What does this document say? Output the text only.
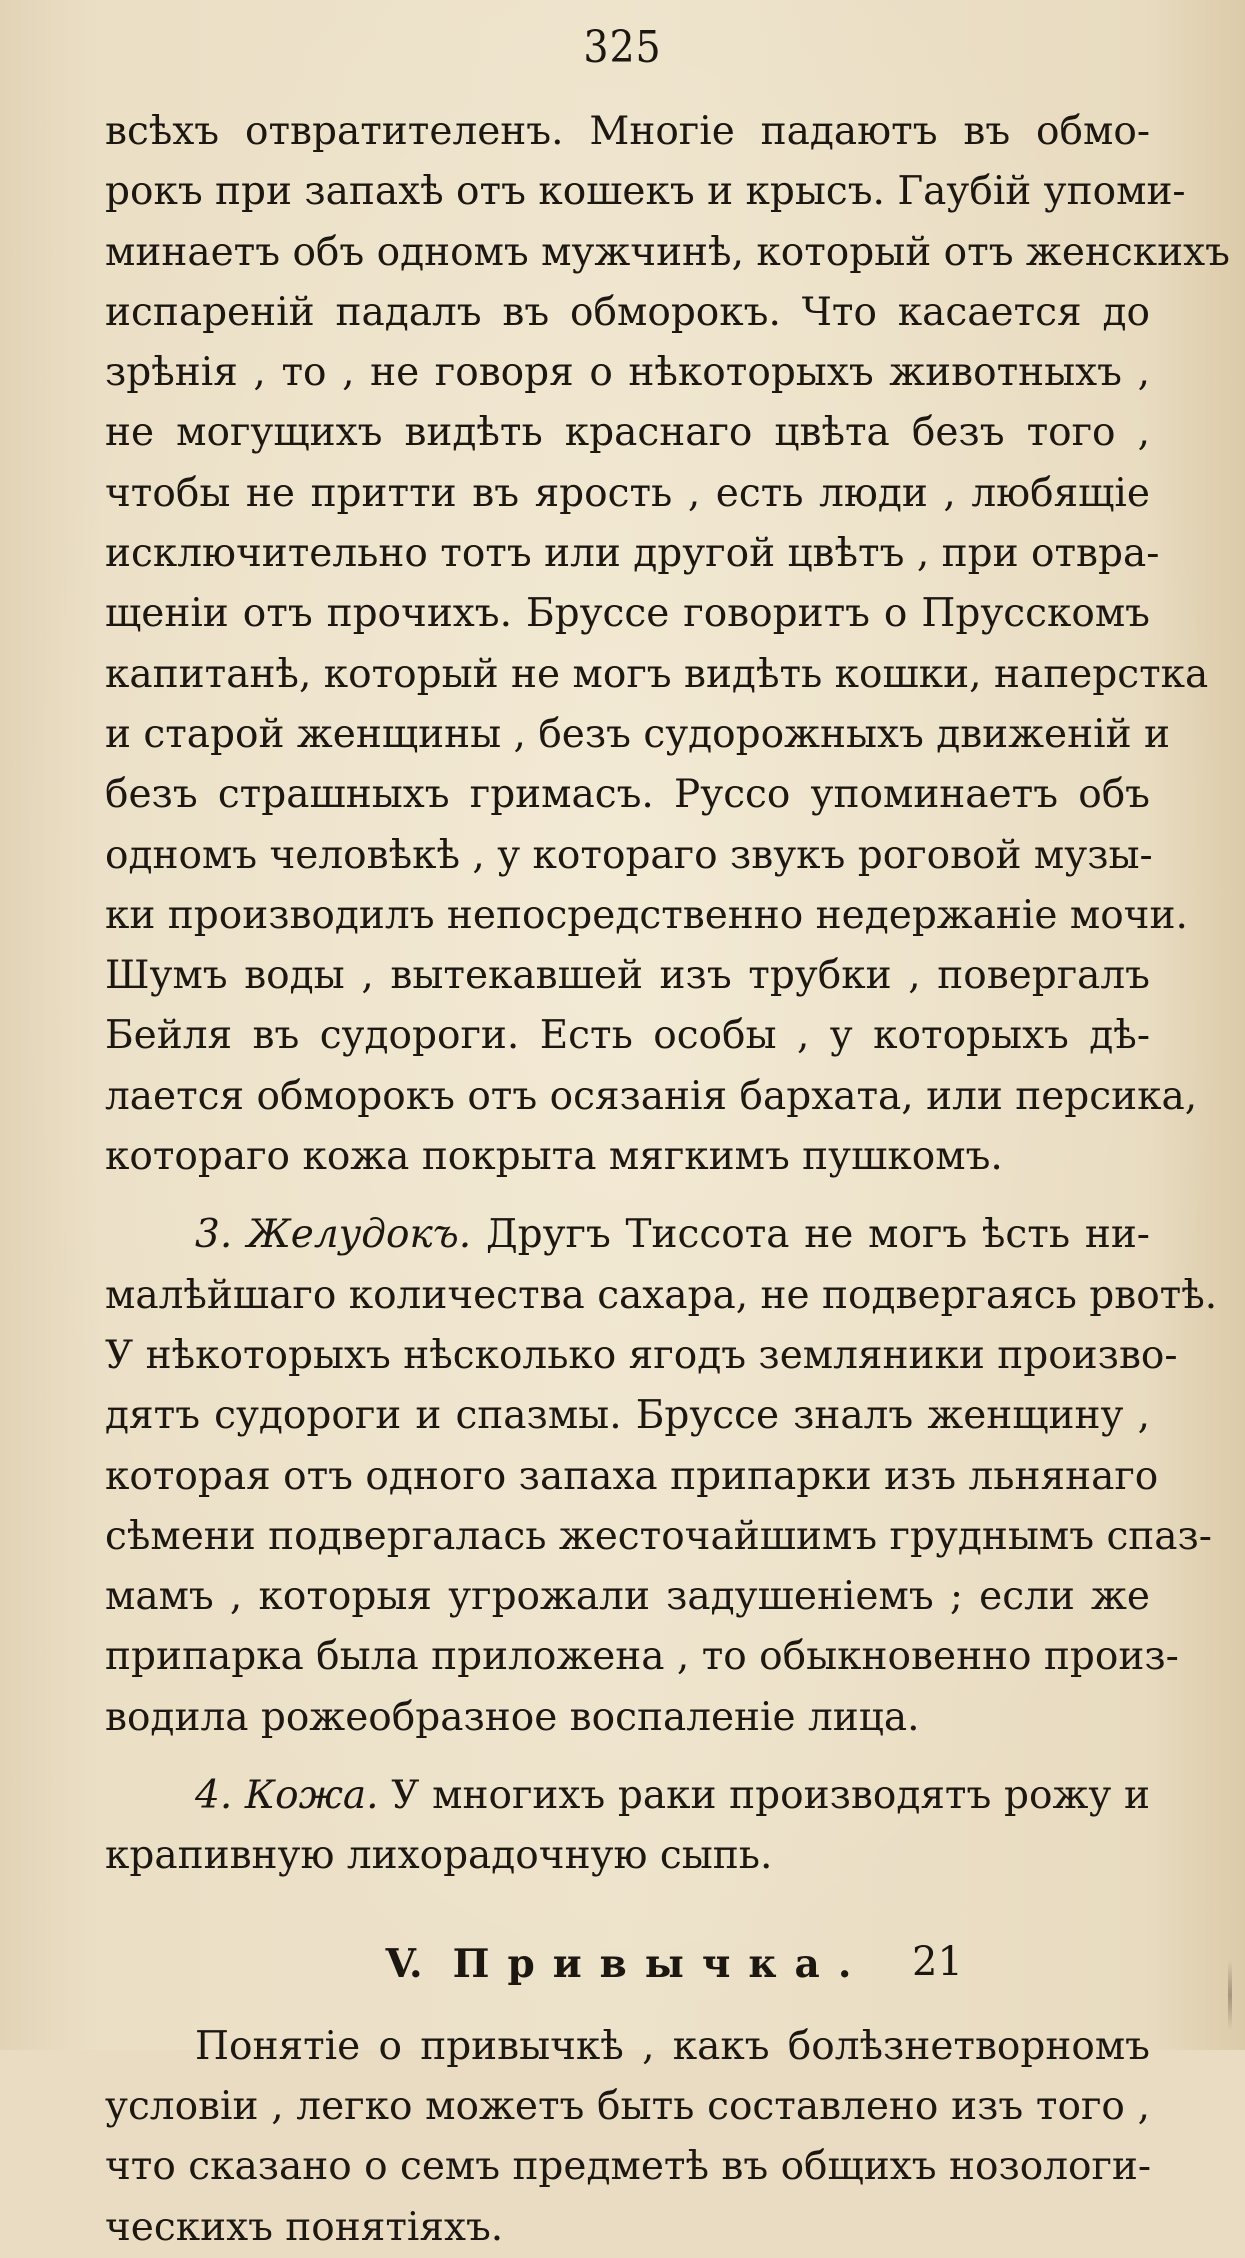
325
всѣхъ отвратителенъ. Многіе падаютъ въ обмо-
рокъ при запахѣ отъ кошекъ и крысъ. Гаубій упоми-
минаетъ объ одномъ мужчинѣ, который отъ женскихъ
испареній падалъ въ обморокъ. Что касается до
зрѣнія , то , не говоря о нѣкоторыхъ животныхъ ,
не могущихъ видѣть краснаго цвѣта безъ того ,
чтобы не притти въ ярость , есть люди , любящіе
исключительно тотъ или другой цвѣтъ , при отвра-
щеніи отъ прочихъ. Бруссе говоритъ о Прусскомъ
капитанѣ, который не могъ видѣть кошки, наперстка
и старой женщины , безъ судорожныхъ движеній и
безъ страшныхъ гримасъ. Руссо упоминаетъ объ
одномъ человѣкѣ , у котораго звукъ роговой музы-
ки производилъ непосредственно недержаніе мочи.
Шумъ воды , вытекавшей изъ трубки , повергалъ
Бейля въ судороги. Есть особы , у которыхъ дѣ-
лается обморокъ отъ осязанія бархата, или персика,
котораго кожа покрыта мягкимъ пушкомъ.
3. Желудокъ. Другъ Тиссота не могъ ѣсть ни-
малѣйшаго количества сахара, не подвергаясь рвотѣ.
У нѣкоторыхъ нѣсколько ягодъ земляники произво-
дятъ судороги и спазмы. Бруссе зналъ женщину ,
которая отъ одного запаха припарки изъ льнянаго
сѣмени подвергалась жесточайшимъ груднымъ спаз-
мамъ , которыя угрожали задушеніемъ ; если же
припарка была приложена , то обыкновенно произ-
водила рожеобразное воспаленіе лица.
4. Кожа. У многихъ раки производятъ рожу и
крапивную лихорадочную сыпь.
V. Привычка.
Понятіе о привычкѣ , какъ болѣзнетворномъ
условіи , легко можетъ быть составлено изъ того ,
что сказано о семъ предметѣ въ общихъ нозологи-
ческихъ понятіяхъ.
21
